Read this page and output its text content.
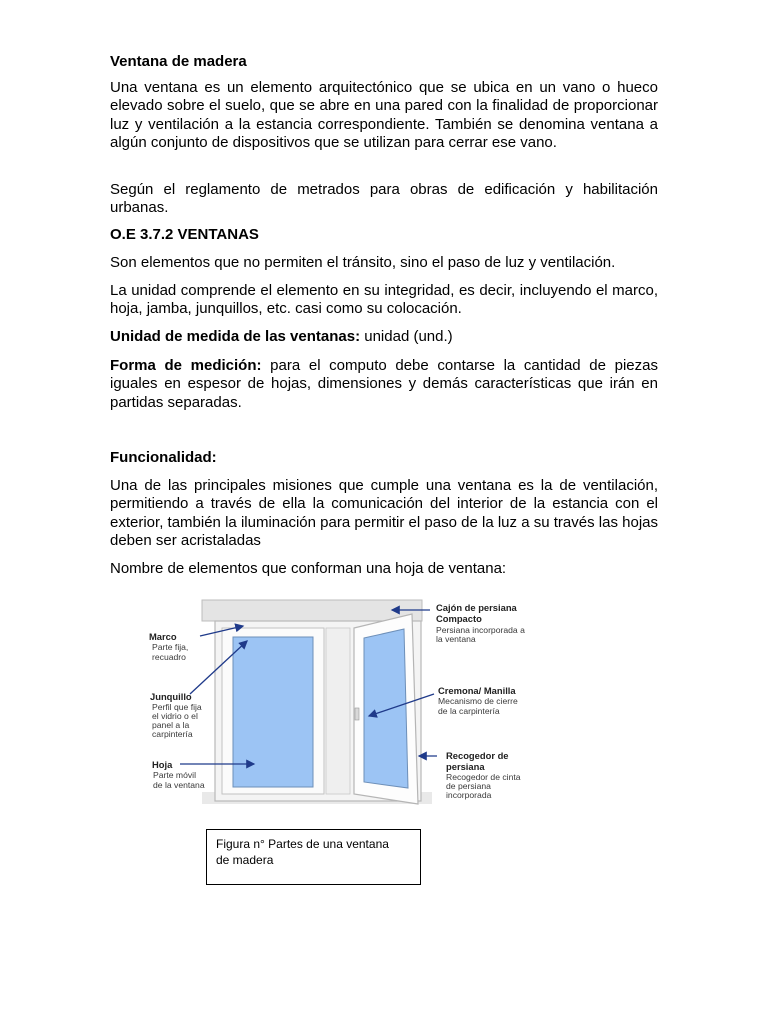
Ventana de madera

Una ventana es un elemento arquitectónico que se ubica en un vano o hueco elevado sobre el suelo, que se abre en una pared con la finalidad de proporcionar luz y ventilación a la estancia correspondiente. También se denomina ventana a algún conjunto de dispositivos que se utilizan para cerrar ese vano.

Según el reglamento de metrados para obras de edificación y habilitación urbanas.

O.E 3.7.2 VENTANAS

Son elementos que no permiten el tránsito, sino el paso de luz y ventilación.

La unidad comprende el elemento en su integridad, es decir, incluyendo el marco, hoja, jamba, junquillos, etc. casi como su colocación.

Unidad de medida de las ventanas: unidad (und.)

Forma de medición: para el computo debe contarse la cantidad de piezas iguales en espesor de hojas, dimensiones y demás características que irán en partidas separadas.

Funcionalidad:

Una de las principales misiones que cumple una ventana es la de ventilación, permitiendo a través de ella la comunicación del interior de la estancia con el exterior, también la iluminación para permitir el paso de la luz a su través las hojas deben ser acristaladas

Nombre de elementos que conforman una hoja de ventana:

Marco
Parte fija,
recuadro
Junquillo
Perfil que fija
el vidrio o el
panel a la
carpintería
Hoja
Parte móvil
de la ventana
Cajón de persiana
Compacto
Persiana incorporada a
la ventana
Cremona/ Manilla
Mecanismo de cierre
de la carpintería
Recogedor de
persiana
Recogedor de cinta
de persiana
incorporada
Figura n° Partes de una ventana
de madera
